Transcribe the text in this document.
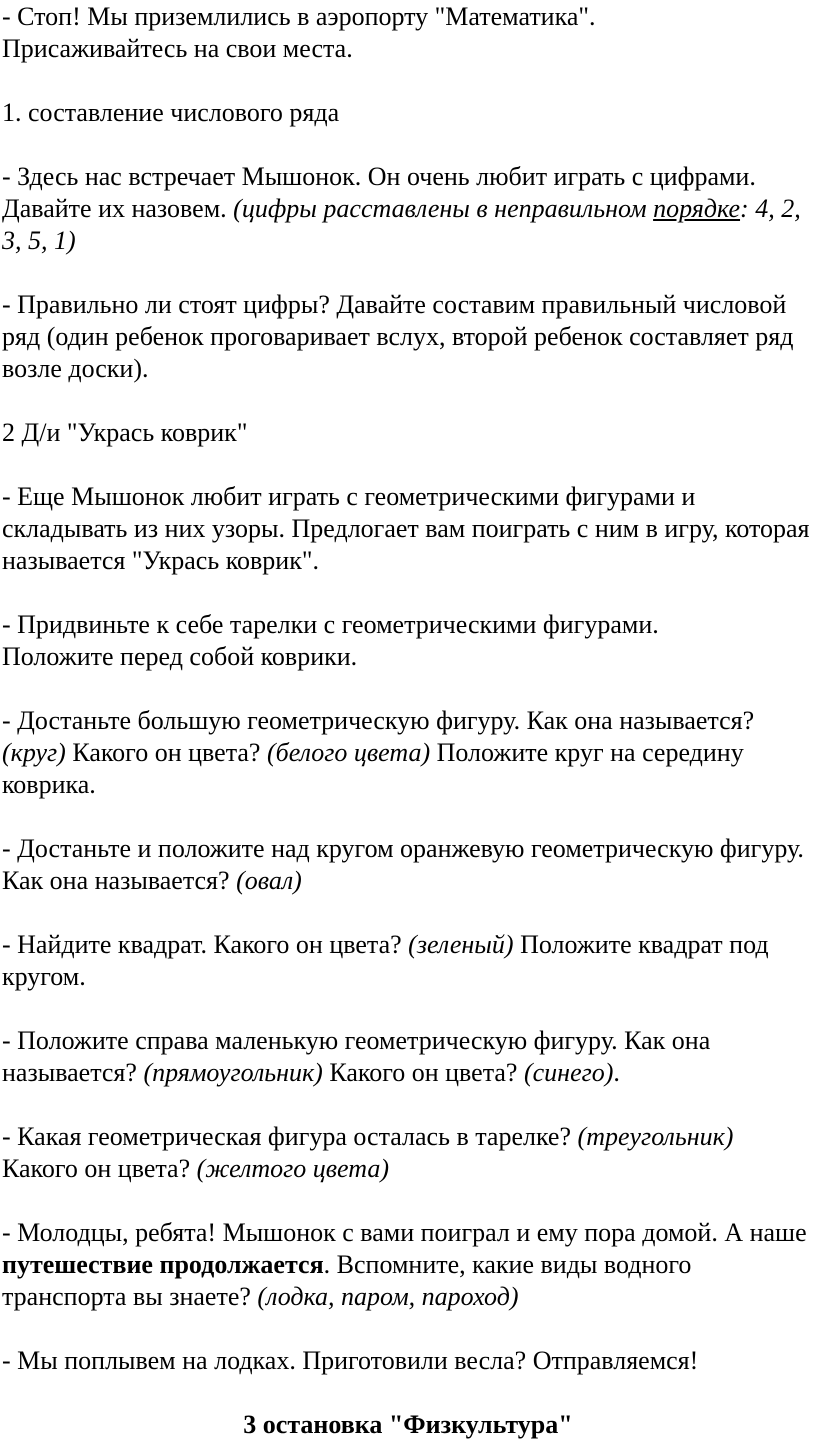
- Стоп! Мы приземлились в аэропорту "Математика".
Присаживайтесь на свои места.

1. составление числового ряда

- Здесь нас встречает Мышонок. Он очень любит играть с цифрами. Давайте их назовем. (цифры расставлены в неправильном порядке: 4, 2, 3, 5, 1)

- Правильно ли стоят цифры? Давайте составим правильный числовой ряд (один ребенок проговаривает вслух, второй ребенок составляет ряд возле доски).

2 Д/и "Укрась коврик"

- Еще Мышонок любит играть с геометрическими фигурами и складывать из них узоры. Предлогает вам поиграть с ним в игру, которая называется "Укрась коврик".

- Придвиньте к себе тарелки с геометрическими фигурами.
Положите перед собой коврики.

- Достаньте большую геометрическую фигуру. Как она называется? (круг) Какого он цвета? (белого цвета) Положите круг на середину коврика.

- Достаньте и положите над кругом оранжевую геометрическую фигуру. Как она называется? (овал)

- Найдите квадрат. Какого он цвета? (зеленый) Положите квадрат под кругом.

- Положите справа маленькую геометрическую фигуру. Как она называется? (прямоугольник) Какого он цвета? (синего).

- Какая геометрическая фигура осталась в тарелке? (треугольник)
Какого он цвета? (желтого цвета)

- Молодцы, ребята! Мышонок с вами поиграл и ему пора домой. А наше путешествие продолжается. Вспомните, какие виды водного транспорта вы знаете? (лодка, паром, пароход)

- Мы поплывем на лодках. Приготовили весла? Отправляемся!

3 остановка "Физкультура"
